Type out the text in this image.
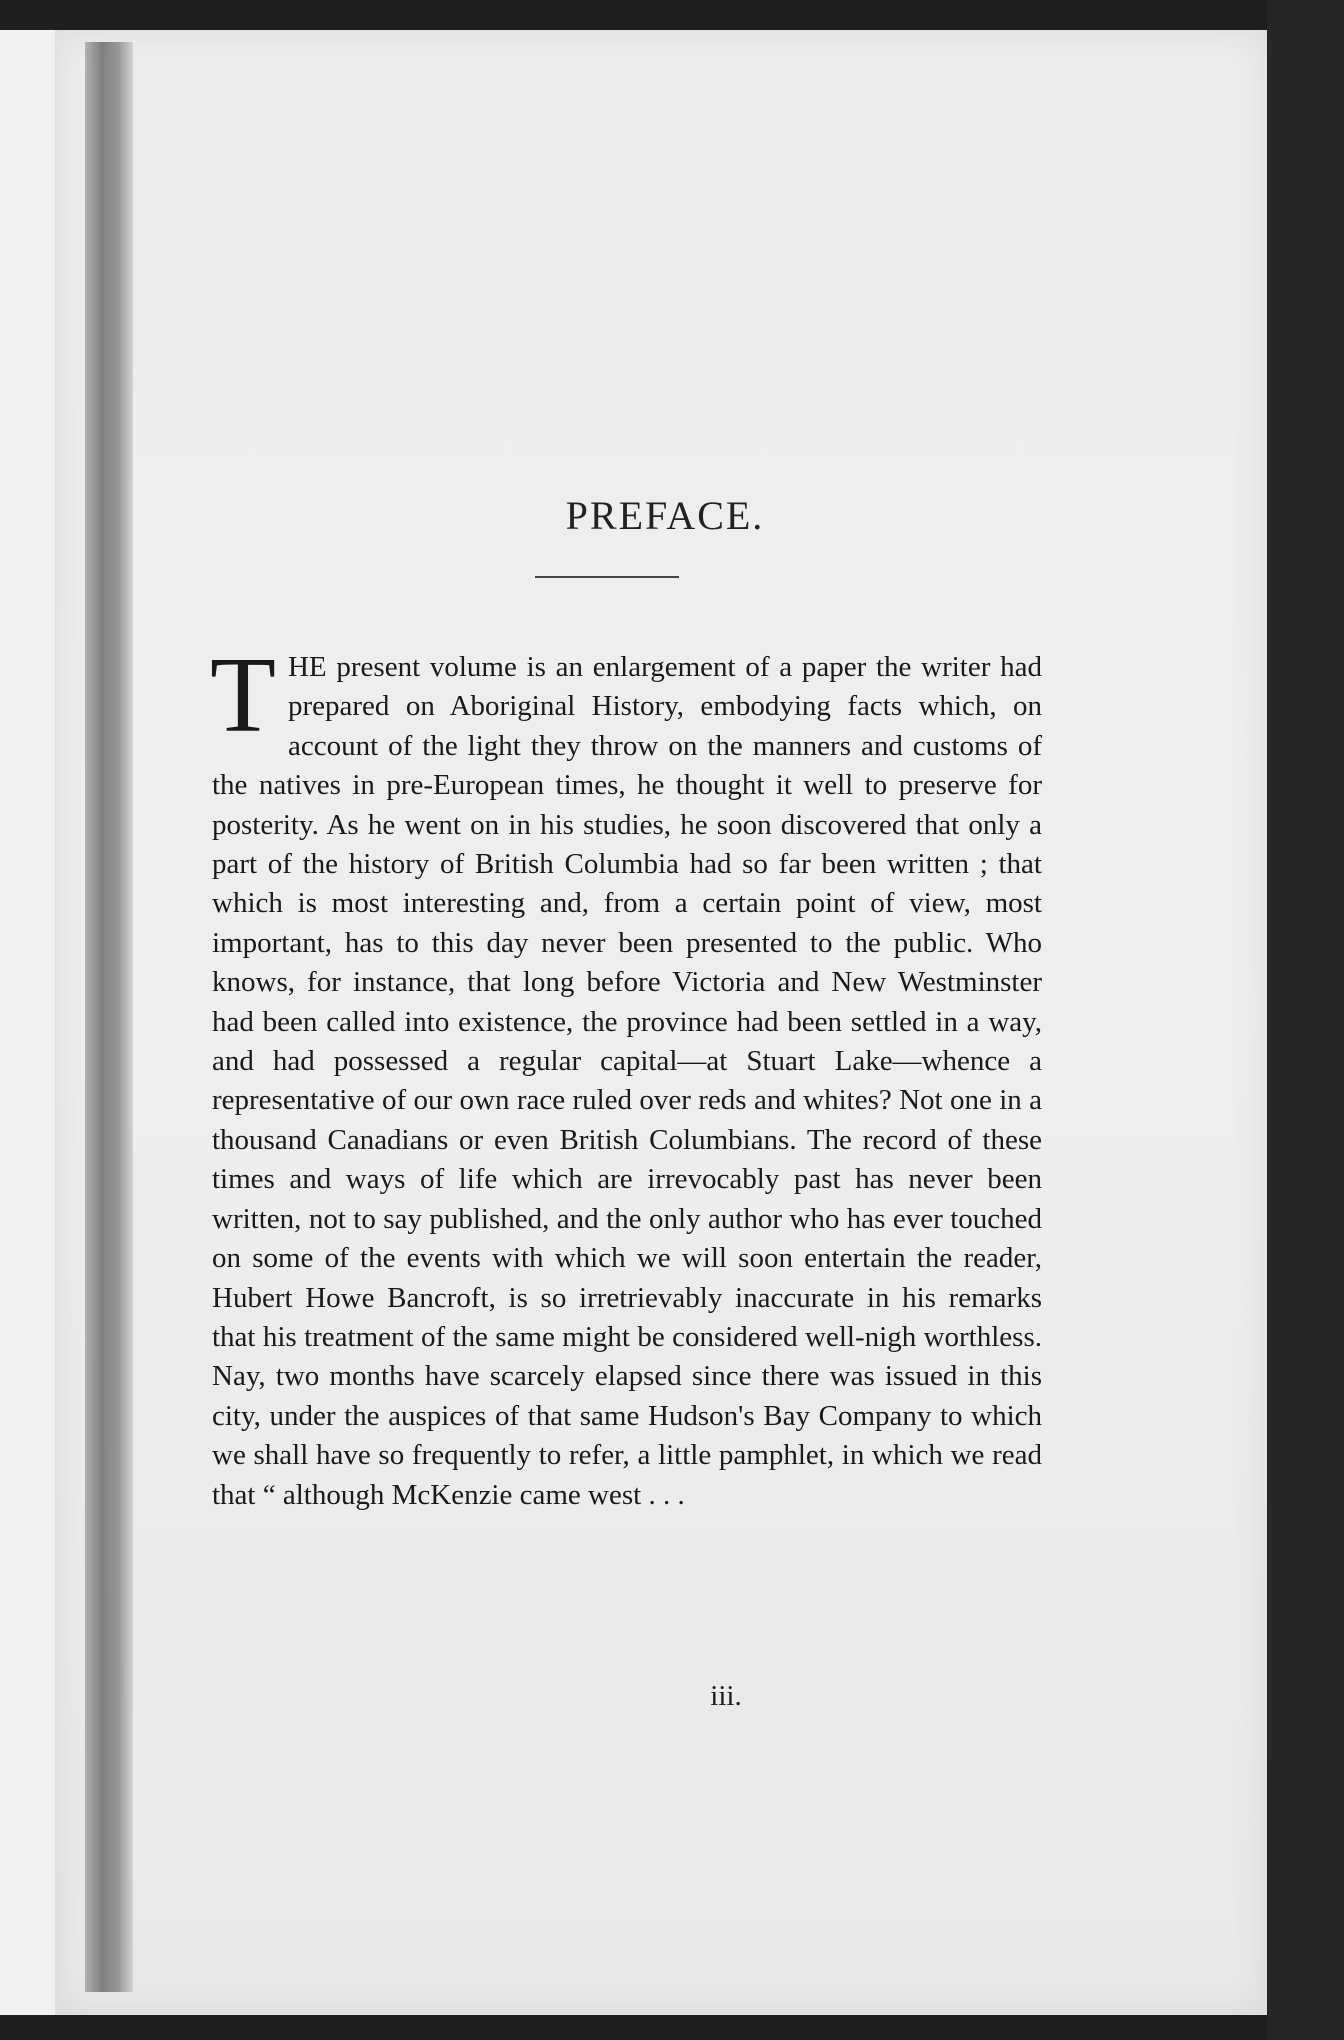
PREFACE.
THE present volume is an enlargement of a paper the writer had prepared on Aboriginal History, embodying facts which, on account of the light they throw on the manners and customs of the natives in pre-European times, he thought it well to preserve for posterity. As he went on in his studies, he soon discovered that only a part of the history of British Columbia had so far been written ; that which is most interesting and, from a certain point of view, most important, has to this day never been presented to the public. Who knows, for instance, that long before Victoria and New Westminster had been called into existence, the province had been settled in a way, and had possessed a regular capital—at Stuart Lake—whence a representative of our own race ruled over reds and whites? Not one in a thousand Canadians or even British Columbians. The record of these times and ways of life which are irrevocably past has never been written, not to say published, and the only author who has ever touched on some of the events with which we will soon entertain the reader, Hubert Howe Bancroft, is so irretrievably inaccurate in his remarks that his treatment of the same might be considered well-nigh worthless. Nay, two months have scarcely elapsed since there was issued in this city, under the auspices of that same Hudson's Bay Company to which we shall have so frequently to refer, a little pamphlet, in which we read that “ although McKenzie came west . . .
iii.
